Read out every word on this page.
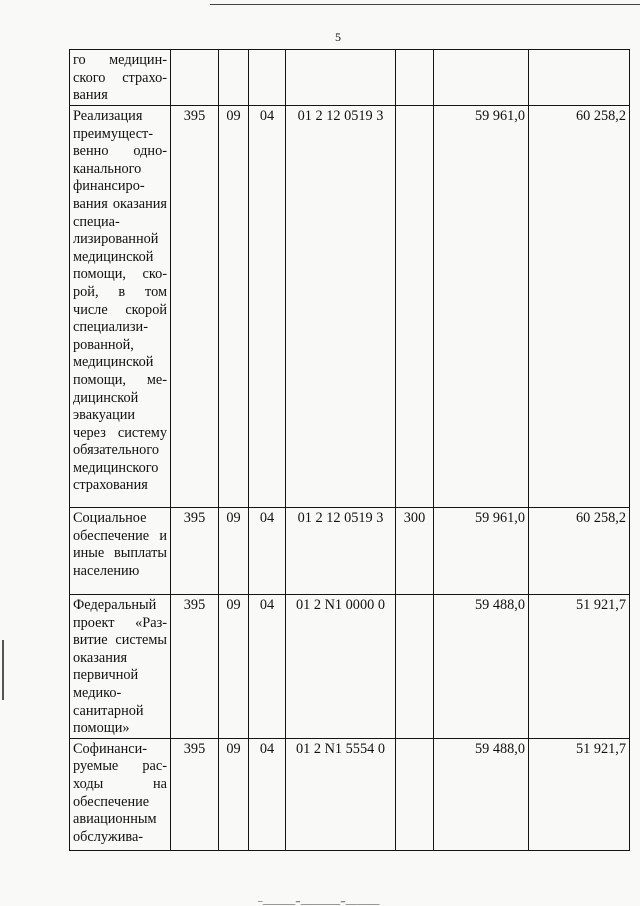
5
го медицинского страхования							
Реализация преимущественно одноканального финансирования оказания специализированной медицинской помощи, скорой, в том числе скорой специализированной, медицинской помощи, медицинской эвакуации через систему обязательного медицинского страхования	395	09	04	01 2 12 0519 3		59 961,0	60 258,2
Социальное обеспечение и иные выплаты населению	395	09	04	01 2 12 0519 3	300	59 961,0	60 258,2
Федеральный проект «Развитие системы оказания первичной медико-санитарной помощи»	395	09	04	01 2 N1 0000 0		59 488,0	51 921,7
Софинансируемые расходы на обеспечение авиационным обслужива-	395	09	04	01 2 N1 5554 0		59 488,0	51 921,7
– _________ -- ___________ -- ___ ______
